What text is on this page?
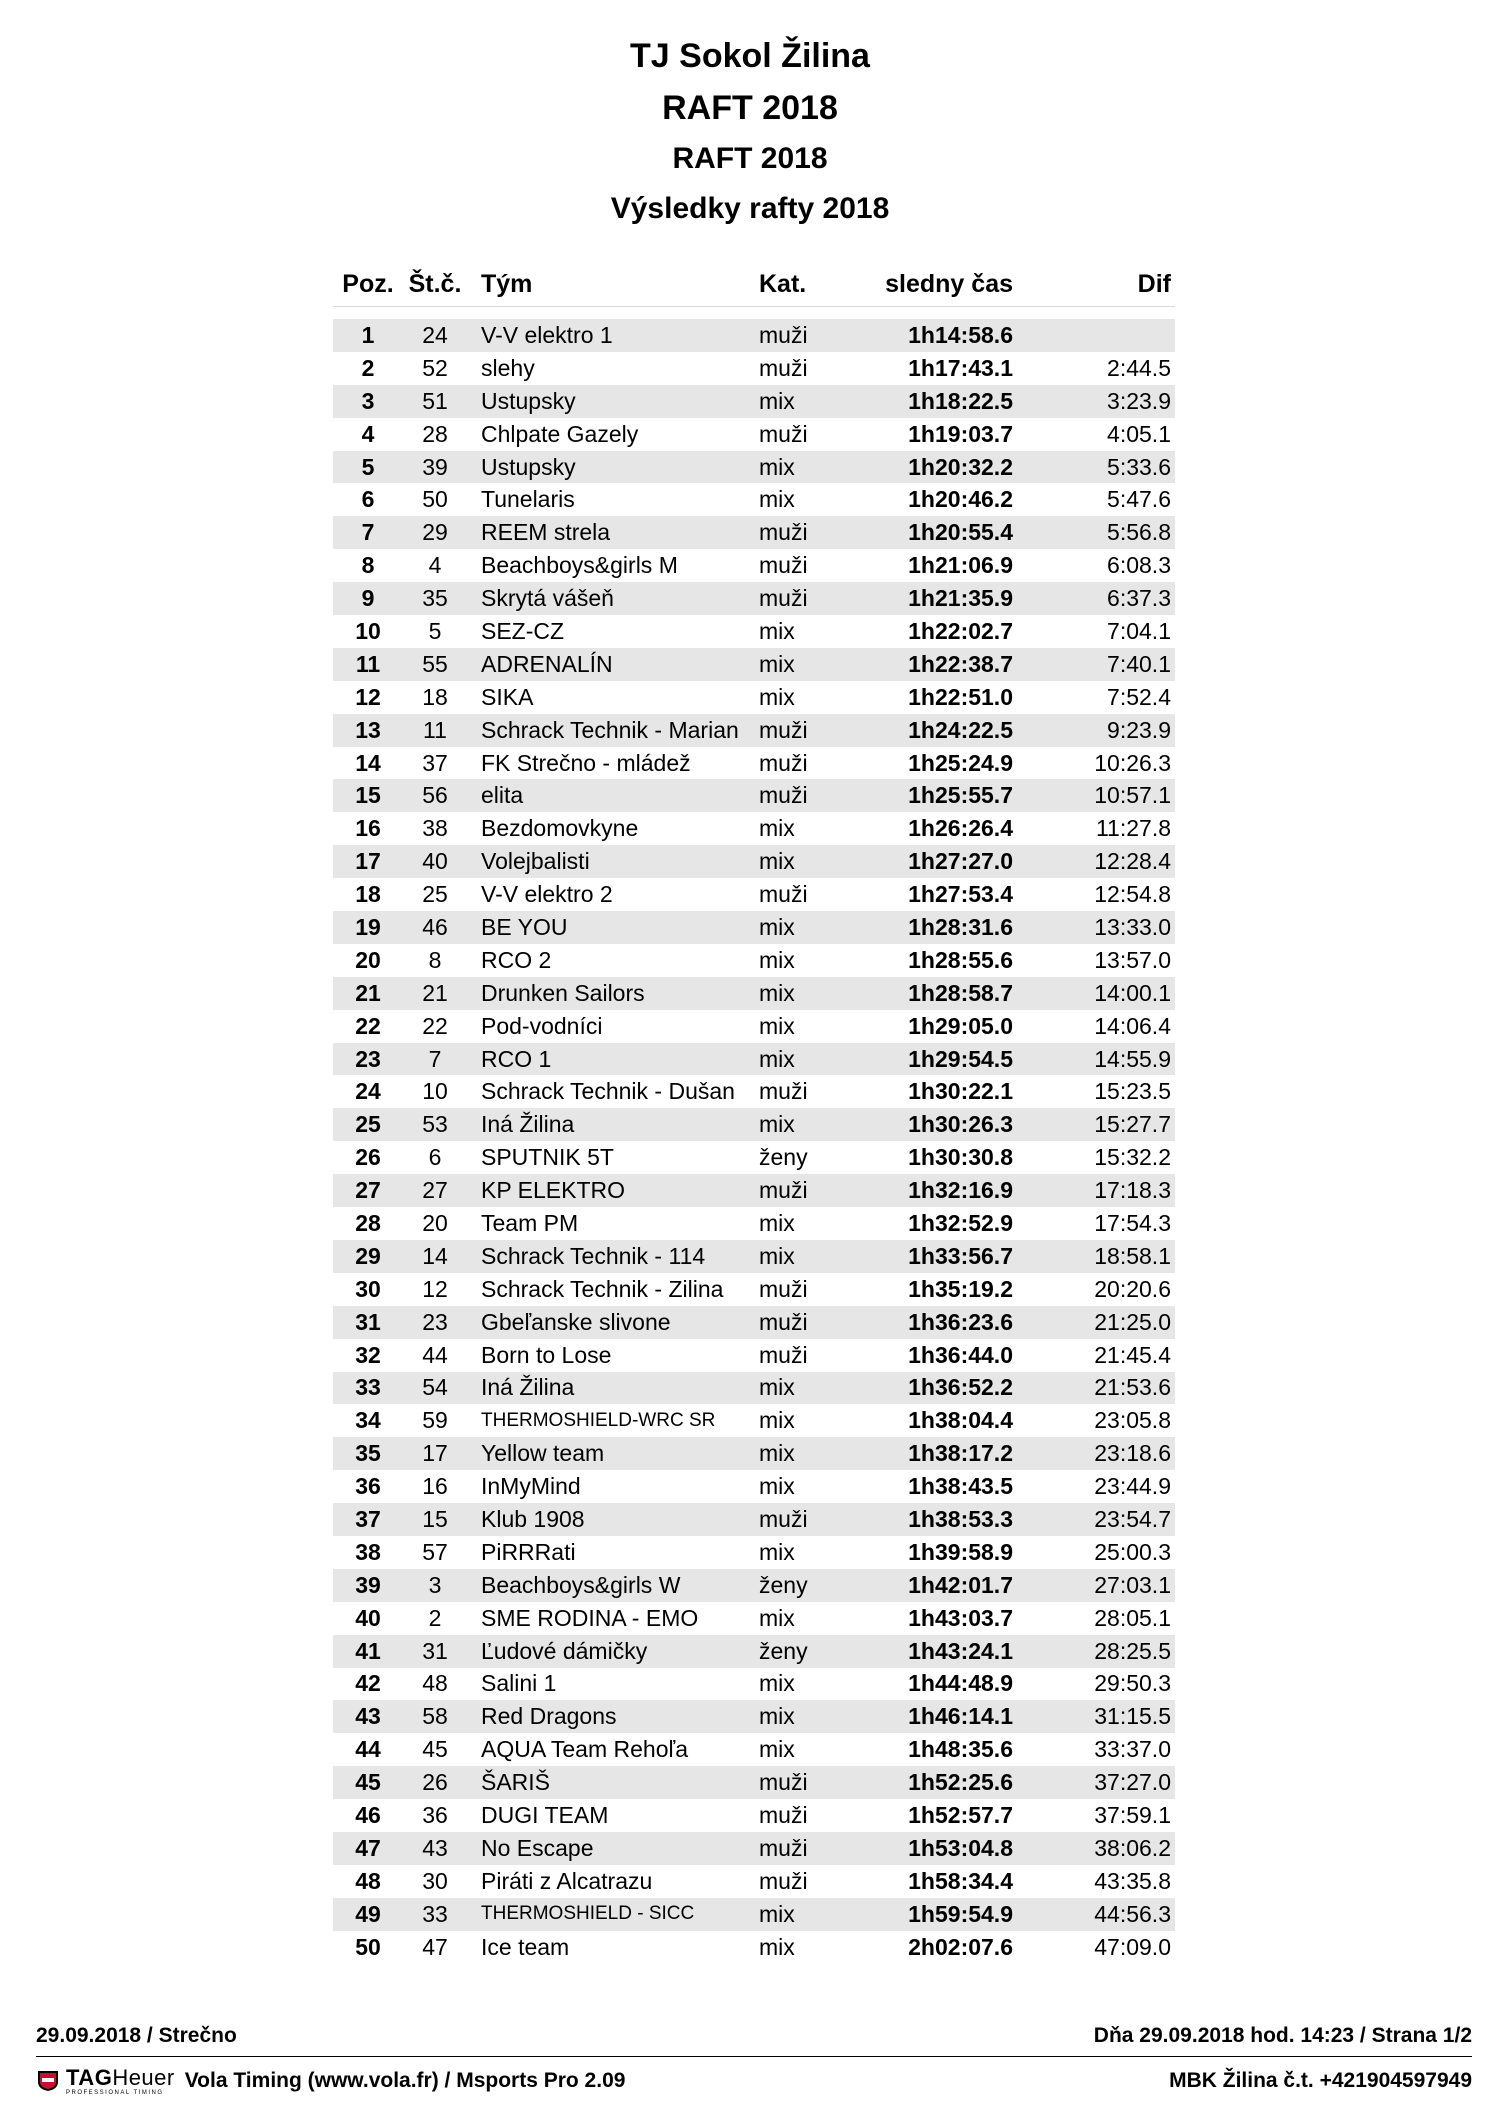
TJ Sokol Žilina
RAFT 2018
RAFT 2018
Výsledky rafty 2018
Poz. Št.č. Tým	Kat.	sledny čas	Dif
1	24	V-V elektro 1	muži	1h14:58.6
2	52	slehy	muži	1h17:43.1	2:44.5
3	51	Ustupsky	mix	1h18:22.5	3:23.9
4	28	Chlpate Gazely	muži	1h19:03.7	4:05.1
5	39	Ustupsky	mix	1h20:32.2	5:33.6
6	50	Tunelaris	mix	1h20:46.2	5:47.6
7	29	REEM strela	muži	1h20:55.4	5:56.8
8	4	Beachboys&girls M	muži	1h21:06.9	6:08.3
9	35	Skrytá vášeň	muži	1h21:35.9	6:37.3
10	5	SEZ-CZ	mix	1h22:02.7	7:04.1
11	55	ADRENALÍN	mix	1h22:38.7	7:40.1
12	18	SIKA	mix	1h22:51.0	7:52.4
13	11	Schrack Technik - Marian muži	1h24:22.5	9:23.9
14	37	FK Strečno - mládež	muži	1h25:24.9	10:26.3
15	56	elita	muži	1h25:55.7	10:57.1
16	38	Bezdomovkyne	mix	1h26:26.4	11:27.8
17	40	Volejbalisti	mix	1h27:27.0	12:28.4
18	25	V-V elektro 2	muži	1h27:53.4	12:54.8
19	46	BE YOU	mix	1h28:31.6	13:33.0
20	8	RCO 2	mix	1h28:55.6	13:57.0
21	21	Drunken Sailors	mix	1h28:58.7	14:00.1
22	22	Pod-vodníci	mix	1h29:05.0	14:06.4
23	7	RCO 1	mix	1h29:54.5	14:55.9
24	10	Schrack Technik - Dušan	muži	1h30:22.1	15:23.5
25	53	Iná Žilina	mix	1h30:26.3	15:27.7
26	6	SPUTNIK 5T	ženy	1h30:30.8	15:32.2
27	27	KP ELEKTRO	muži	1h32:16.9	17:18.3
28	20	Team PM	mix	1h32:52.9	17:54.3
29	14	Schrack Technik - 114	mix	1h33:56.7	18:58.1
30	12	Schrack Technik - Zilina	muži	1h35:19.2	20:20.6
31	23	Gbeľanske slivone	muži	1h36:23.6	21:25.0
32	44	Born to Lose	muži	1h36:44.0	21:45.4
33	54	Iná Žilina	mix	1h36:52.2	21:53.6
34	59	THERMOSHIELD-WRC SR	mix	1h38:04.4	23:05.8
35	17	Yellow team	mix	1h38:17.2	23:18.6
36	16	InMyMind	mix	1h38:43.5	23:44.9
37	15	Klub 1908	muži	1h38:53.3	23:54.7
38	57	PiRRRati	mix	1h39:58.9	25:00.3
39	3	Beachboys&girls W	ženy	1h42:01.7	27:03.1
40	2	SME RODINA - EMO	mix	1h43:03.7	28:05.1
41	31	Ľudové dámičky	ženy	1h43:24.1	28:25.5
42	48	Salini 1	mix	1h44:48.9	29:50.3
43	58	Red Dragons	mix	1h46:14.1	31:15.5
44	45	AQUA Team Rehoľa	mix	1h48:35.6	33:37.0
45	26	ŠARIŠ	muži	1h52:25.6	37:27.0
46	36	DUGI TEAM	muži	1h52:57.7	37:59.1
47	43	No Escape	muži	1h53:04.8	38:06.2
48	30	Piráti z Alcatrazu	muži	1h58:34.4	43:35.8
49	33	THERMOSHIELD - SICC	mix	1h59:54.9	44:56.3
50	47	Ice team	mix	2h02:07.6	47:09.0
29.09.2018 / Strečno	Dňa 29.09.2018 hod. 14:23 / Strana 1/2
TAGHeuer
PROFESSIONAL TIMING
Vola Timing (www.vola.fr) / Msports Pro 2.09	MBK Žilina č.t. +421904597949
